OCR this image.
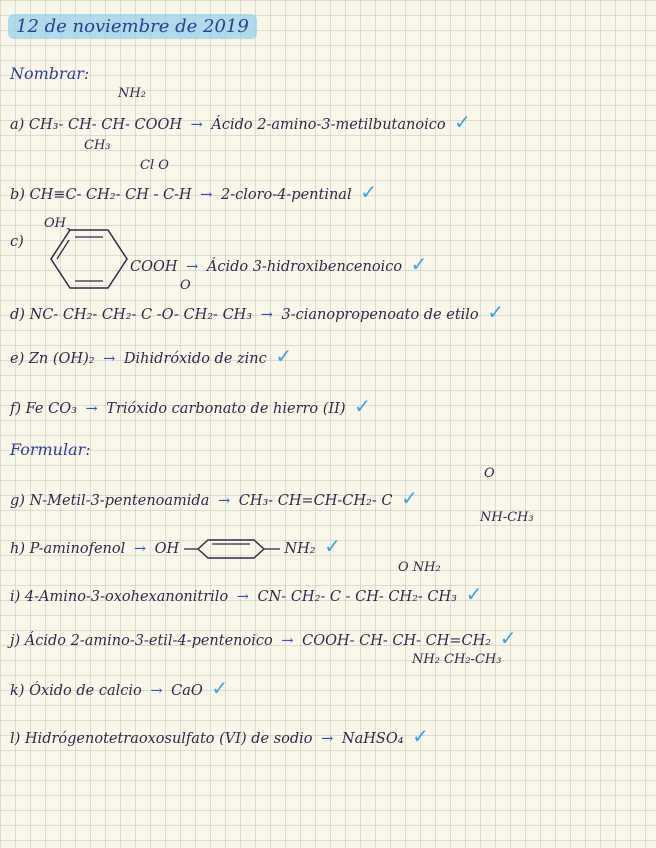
12 de noviembre de 2019
Nombrar:
NH₂
a) CH₃- CH- CH- COOH → Ácido 2-amino-3-metilbutanoico ✓
CH₃
Cl O
b) CH≡C- CH₂- CH - C-H → 2-cloro-4-pentinal ✓
c)
OH
COOH → Ácido 3-hidroxibencenoico ✓
O
d) NC- CH₂- CH₂- C -O- CH₂- CH₃ → 3-cianopropenoato de etilo ✓
e) Zn (OH)₂ → Dihidróxido de zinc ✓
f) Fe CO₃ → Trióxido carbonato de hierro (II) ✓
Formular:
O
g) N-Metil-3-pentenoamida → CH₃- CH=CH-CH₂- C ✓
NH-CH₃
h) P-aminofenol → OH	NH₂ ✓
O NH₂
i) 4-Amino-3-oxohexanonitrilo → CN- CH₂- C - CH- CH₂- CH₃ ✓
j) Ácido 2-amino-3-etil-4-pentenoico → COOH- CH- CH- CH=CH₂ ✓
NH₂ CH₂-CH₃
k) Óxido de calcio → CaO ✓
l) Hidrógenotetraoxosulfato (VI) de sodio → NaHSO₄ ✓
